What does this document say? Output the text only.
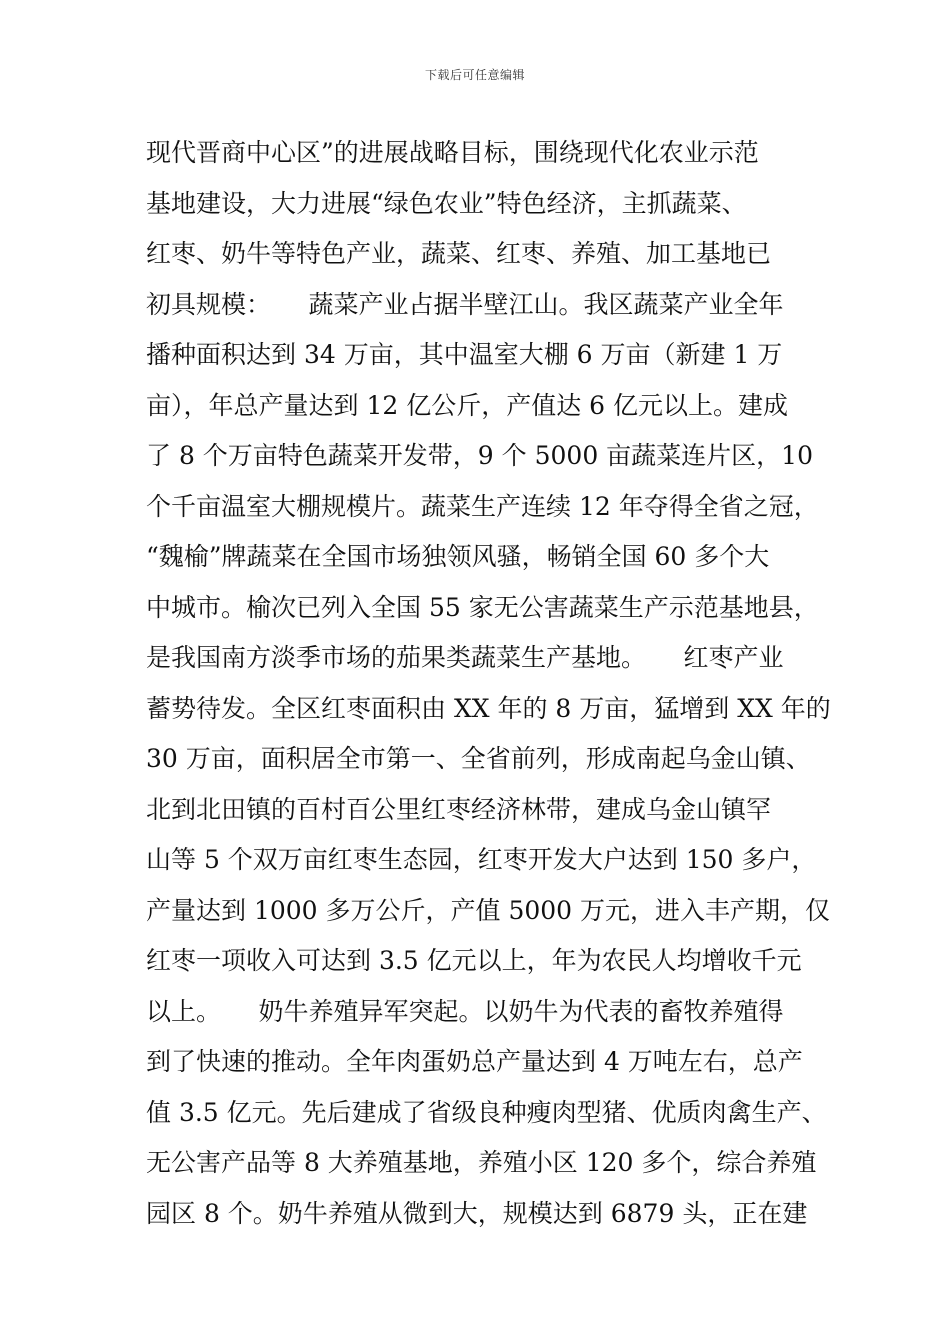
下载后可任意编辑
现代晋商中心区”的进展战略目标，围绕现代化农业示范
基地建设，大力进展“绿色农业”特色经济，主抓蔬菜、
红枣、奶牛等特色产业，蔬菜、红枣、养殖、加工基地已
初具规模：　　蔬菜产业占据半壁江山。我区蔬菜产业全年
播种面积达到 34 万亩，其中温室大棚 6 万亩（新建 1 万
亩），年总产量达到 12 亿公斤，产值达 6 亿元以上。建成
了 8 个万亩特色蔬菜开发带，9 个 5000 亩蔬菜连片区，10
个千亩温室大棚规模片。蔬菜生产连续 12 年夺得全省之冠，
“魏榆”牌蔬菜在全国市场独领风骚，畅销全国 60 多个大
中城市。榆次已列入全国 55 家无公害蔬菜生产示范基地县，
是我国南方淡季市场的茄果类蔬菜生产基地。　　红枣产业
蓄势待发。全区红枣面积由 XX 年的 8 万亩，猛增到 XX 年的
30 万亩，面积居全市第一、全省前列，形成南起乌金山镇、
北到北田镇的百村百公里红枣经济林带，建成乌金山镇罕
山等 5 个双万亩红枣生态园，红枣开发大户达到 150 多户，
产量达到 1000 多万公斤，产值 5000 万元，进入丰产期，仅
红枣一项收入可达到 3.5 亿元以上，年为农民人均增收千元
以上。　　奶牛养殖异军突起。以奶牛为代表的畜牧养殖得
到了快速的推动。全年肉蛋奶总产量达到 4 万吨左右，总产
值 3.5 亿元。先后建成了省级良种瘦肉型猪、优质肉禽生产、
无公害产品等 8 大养殖基地，养殖小区 120 多个，综合养殖
园区 8 个。奶牛养殖从微到大，规模达到 6879 头，正在建
